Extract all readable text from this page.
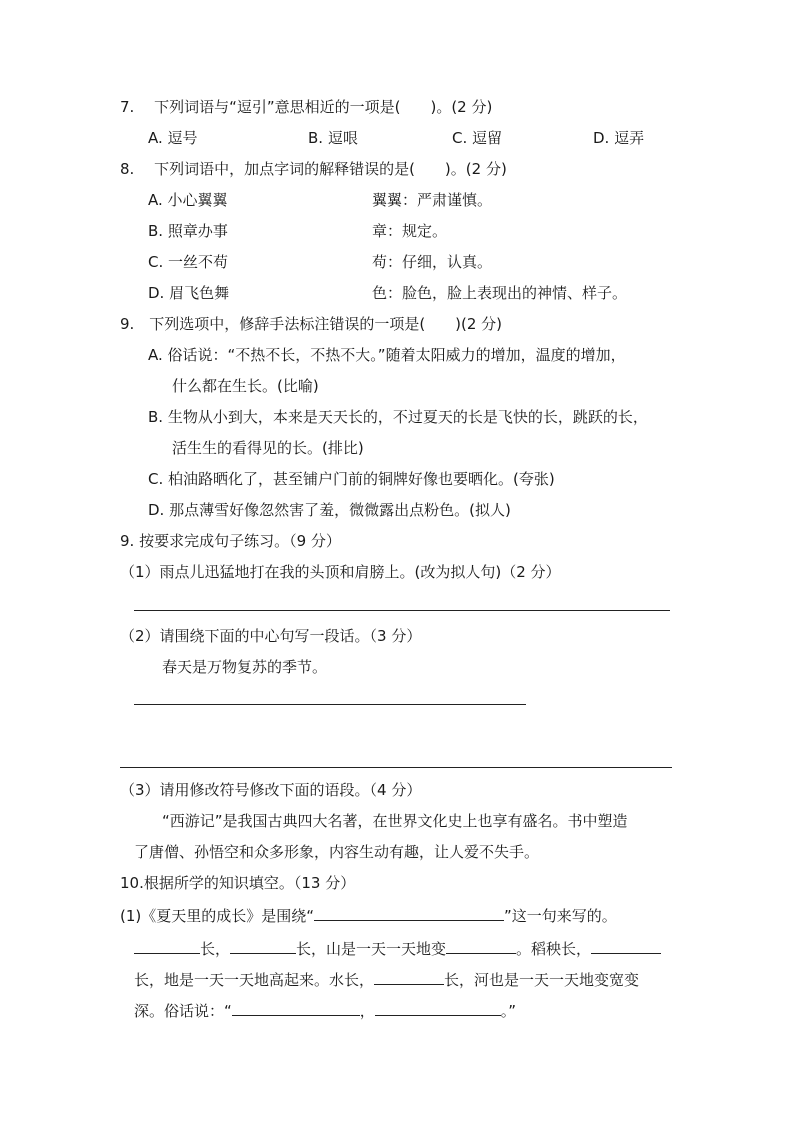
7.　 下列词语与“逗引”意思相近的一项是(　　)。(2 分)
A. 逗号	B. 逗哏	C. 逗留	D. 逗弄
8.　 下列词语中，加点字词的解释错误的是(　　)。(2 分)
A. 小心翼翼	翼翼：严肃谨慎。
B. 照章办事	章：规定。
C. 一丝不苟	苟：仔细，认真。
D. 眉飞色舞	色：脸色，脸上表现出的神情、样子。
9.　下列选项中，修辞手法标注错误的一项是(　　)(2 分)
A. 俗话说：“不热不长，不热不大。”随着太阳威力的增加，温度的增加，
什么都在生长。(比喻)
B. 生物从小到大，本来是天天长的，不过夏天的长是飞快的长，跳跃的长，
活生生的看得见的长。(排比)
C. 柏油路晒化了，甚至铺户门前的铜牌好像也要晒化。(夸张)
D. 那点薄雪好像忽然害了羞，微微露出点粉色。(拟人)
9. 按要求完成句子练习。（9 分）
（1）雨点儿迅猛地打在我的头顶和肩膀上。(改为拟人句)（2 分）
（2）请围绕下面的中心句写一段话。（3 分）
春天是万物复苏的季节。
（3）请用修改符号修改下面的语段。（4 分）
“西游记”是我国古典四大名著，在世界文化史上也享有盛名。书中塑造
了唐僧、孙悟空和众多形象，内容生动有趣，让人爱不失手。
10.根据所学的知识填空。（13 分）
(1)《夏天里的成长》是围绕“	”这一句来写的。
长，	长，山是一天一天地变	。稻秧长，
长，地是一天一天地高起来。水长，	长，河也是一天一天地变宽变
深。俗话说：“	，	。”
